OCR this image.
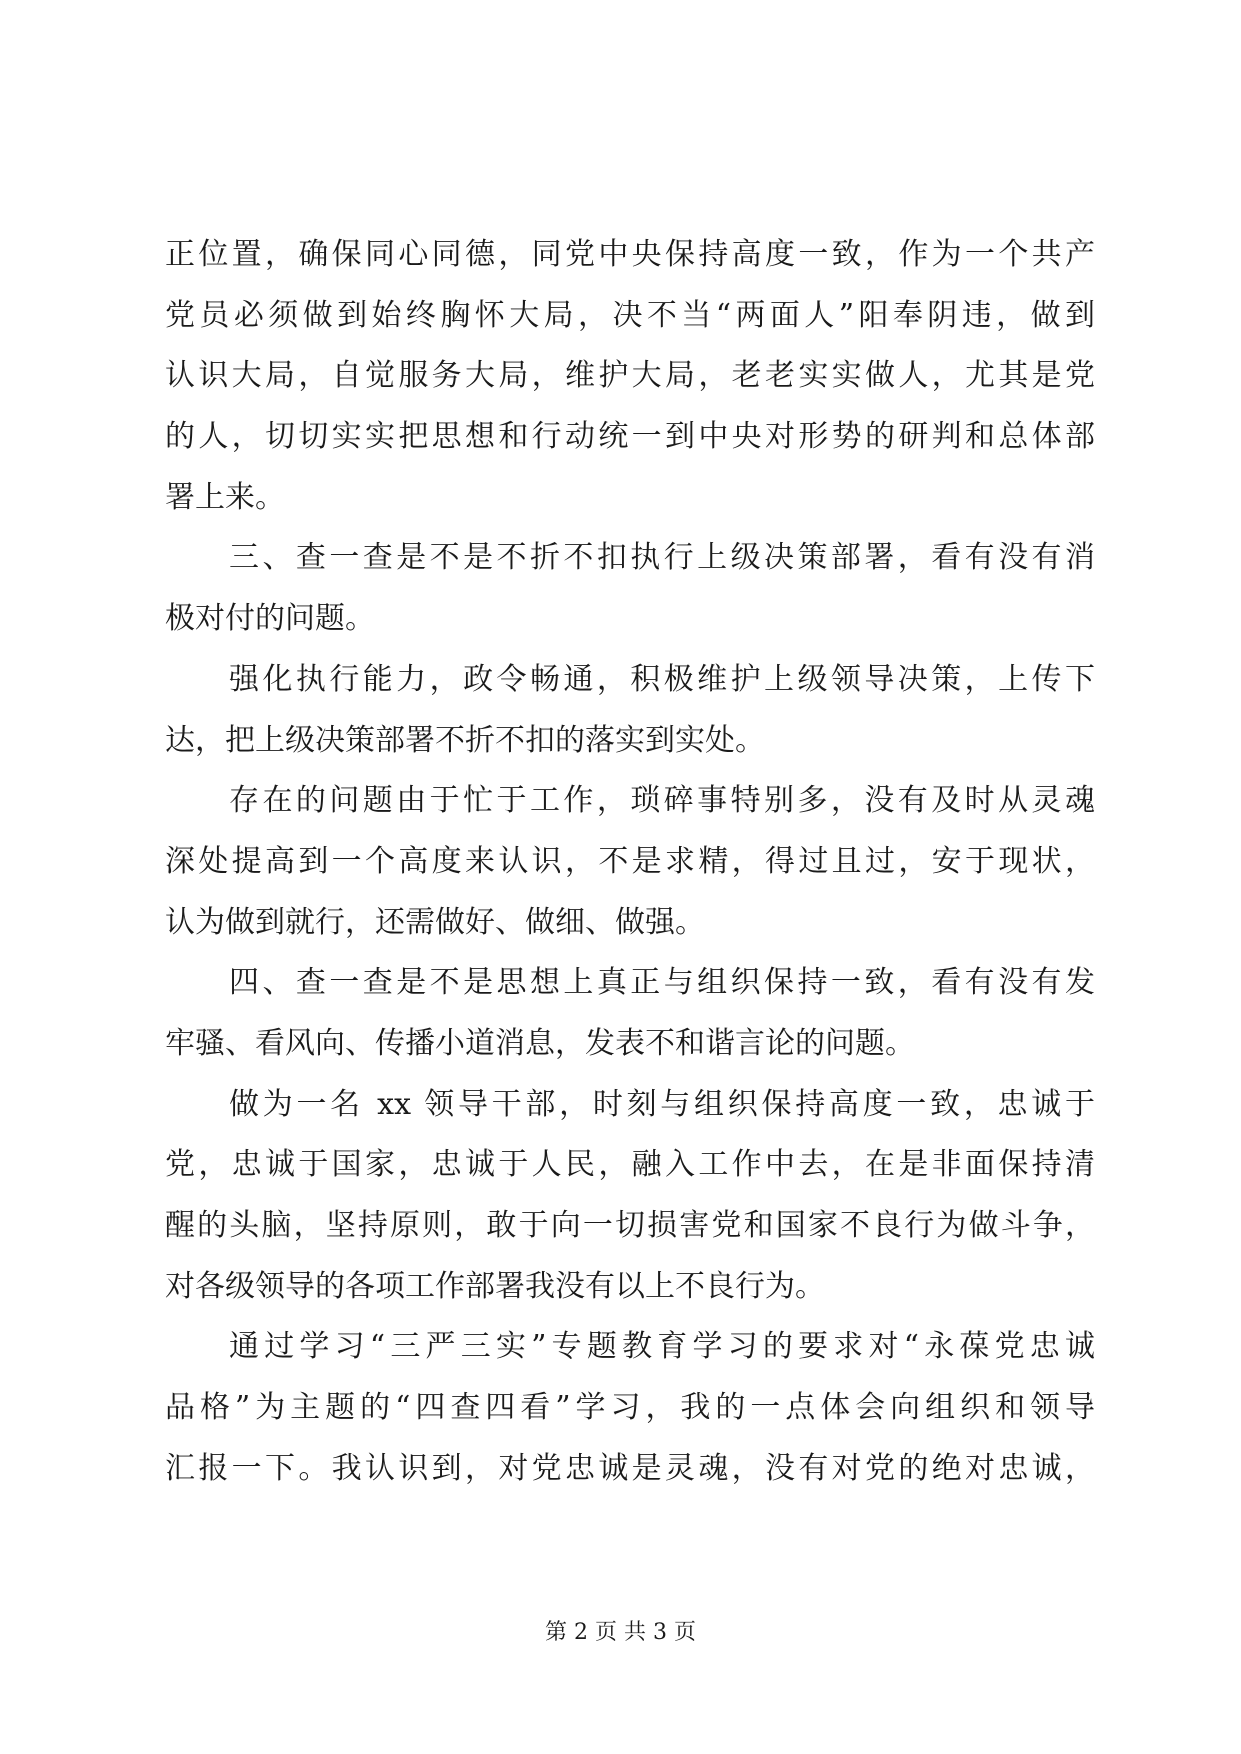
正位置，确保同心同德，同党中央保持高度一致，作为一个共产
党员必须做到始终胸怀大局，决不当“两面人”阳奉阴违，做到
认识大局，自觉服务大局，维护大局，老老实实做人，尤其是党
的人，切切实实把思想和行动统一到中央对形势的研判和总体部
署上来。
三、查一查是不是不折不扣执行上级决策部署，看有没有消
极对付的问题。
强化执行能力，政令畅通，积极维护上级领导决策，上传下
达，把上级决策部署不折不扣的落实到实处。
存在的问题由于忙于工作，琐碎事特别多，没有及时从灵魂
深处提高到一个高度来认识，不是求精，得过且过，安于现状，
认为做到就行，还需做好、做细、做强。
四、查一查是不是思想上真正与组织保持一致，看有没有发
牢骚、看风向、传播小道消息，发表不和谐言论的问题。
做为一名 xx 领导干部，时刻与组织保持高度一致，忠诚于
党，忠诚于国家，忠诚于人民，融入工作中去，在是非面保持清
醒的头脑，坚持原则，敢于向一切损害党和国家不良行为做斗争，
对各级领导的各项工作部署我没有以上不良行为。
通过学习“三严三实”专题教育学习的要求对“永葆党忠诚
品格”为主题的“四查四看”学习，我的一点体会向组织和领导
汇报一下。我认识到，对党忠诚是灵魂，没有对党的绝对忠诚，
第 2 页 共 3 页
